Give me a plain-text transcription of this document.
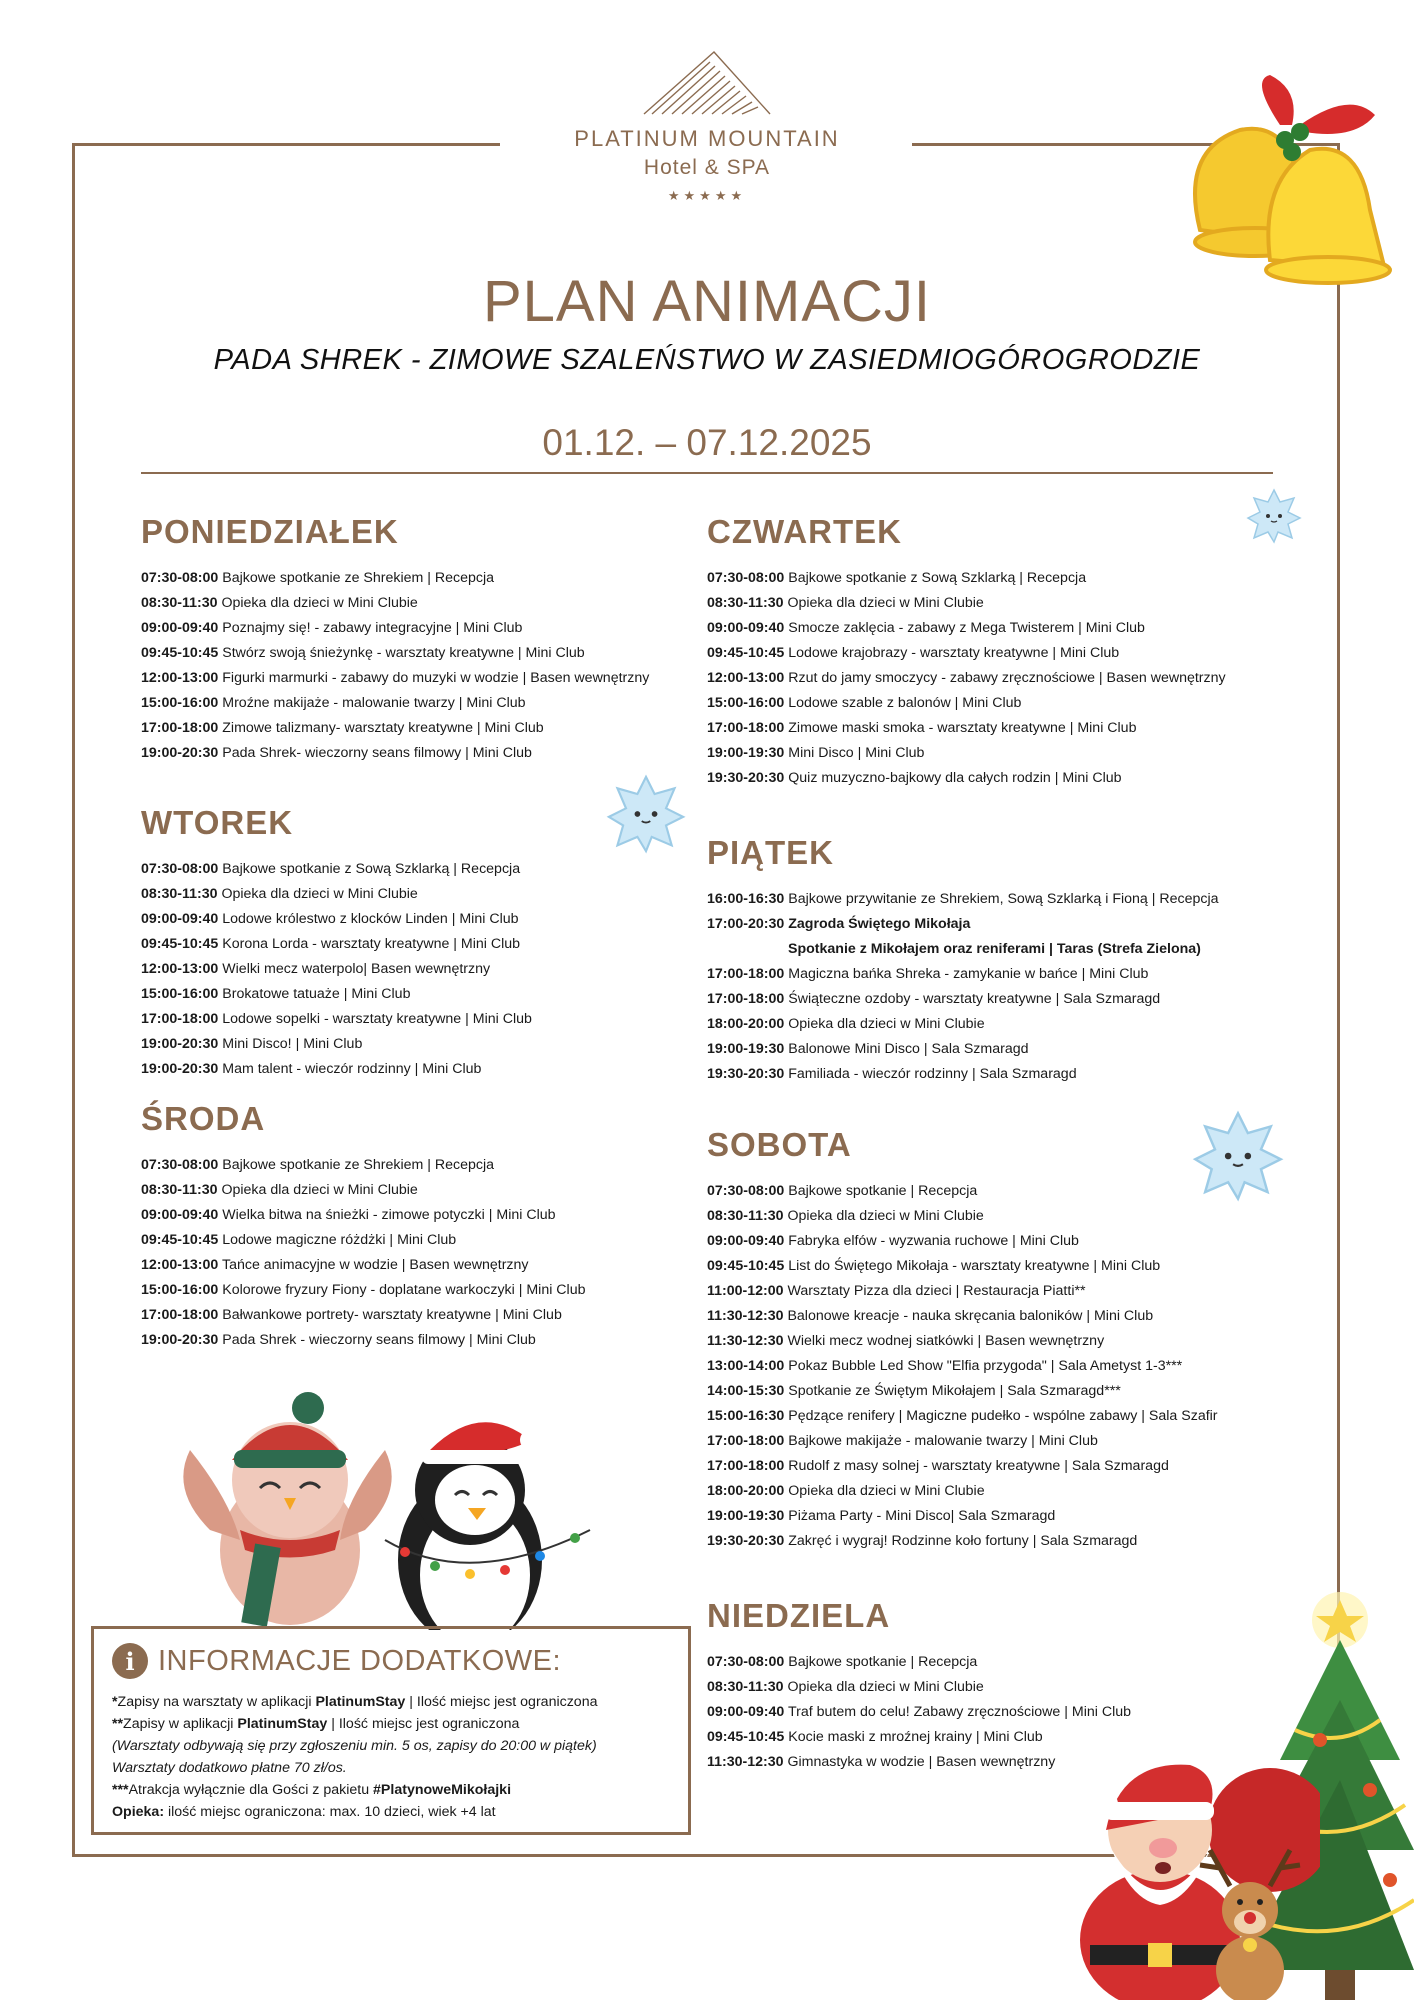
PLATINUM MOUNTAIN
Hotel & SPA
★★★★★
PLAN ANIMACJI
PADA SHREK - ZIMOWE SZALEŃSTWO W ZASIEDMIOGÓROGRODZIE
01.12. – 07.12.2025
PONIEDZIAŁEK
07:30-08:00 Bajkowe spotkanie ze Shrekiem | Recepcja
08:30-11:30 Opieka dla dzieci w Mini Clubie
09:00-09:40 Poznajmy się! - zabawy integracyjne | Mini Club
09:45-10:45 Stwórz swoją śnieżynkę - warsztaty kreatywne | Mini Club
12:00-13:00 Figurki marmurki - zabawy do muzyki w wodzie | Basen wewnętrzny
15:00-16:00 Mroźne makijaże - malowanie twarzy | Mini Club
17:00-18:00 Zimowe talizmany- warsztaty kreatywne | Mini Club
19:00-20:30 Pada Shrek- wieczorny seans filmowy | Mini Club
WTOREK
07:30-08:00 Bajkowe spotkanie z Sową Szklarką | Recepcja
08:30-11:30 Opieka dla dzieci w Mini Clubie
09:00-09:40 Lodowe królestwo z klocków Linden | Mini Club
09:45-10:45 Korona Lorda - warsztaty kreatywne | Mini Club
12:00-13:00 Wielki mecz waterpolo| Basen wewnętrzny
15:00-16:00 Brokatowe tatuaże | Mini Club
17:00-18:00 Lodowe sopelki - warsztaty kreatywne | Mini Club
19:00-20:30 Mini Disco! | Mini Club
19:00-20:30 Mam talent - wieczór rodzinny | Mini Club
ŚRODA
07:30-08:00 Bajkowe spotkanie ze Shrekiem | Recepcja
08:30-11:30 Opieka dla dzieci w Mini Clubie
09:00-09:40 Wielka bitwa na śnieżki - zimowe potyczki | Mini Club
09:45-10:45 Lodowe magiczne różdżki | Mini Club
12:00-13:00 Tańce animacyjne w wodzie | Basen wewnętrzny
15:00-16:00 Kolorowe fryzury Fiony - doplatane warkoczyki | Mini Club
17:00-18:00 Bałwankowe portrety- warsztaty kreatywne | Mini Club
19:00-20:30 Pada Shrek - wieczorny seans filmowy | Mini Club
CZWARTEK
07:30-08:00 Bajkowe spotkanie z Sową Szklarką | Recepcja
08:30-11:30 Opieka dla dzieci w Mini Clubie
09:00-09:40 Smocze zaklęcia - zabawy z Mega Twisterem | Mini Club
09:45-10:45 Lodowe krajobrazy - warsztaty kreatywne | Mini Club
12:00-13:00 Rzut do jamy smoczycy - zabawy zręcznościowe | Basen wewnętrzny
15:00-16:00 Lodowe szable z balonów | Mini Club
17:00-18:00 Zimowe maski smoka - warsztaty kreatywne | Mini Club
19:00-19:30 Mini Disco | Mini Club
19:30-20:30 Quiz muzyczno-bajkowy dla całych rodzin | Mini Club
PIĄTEK
16:00-16:30 Bajkowe przywitanie ze Shrekiem, Sową Szklarką i Fioną | Recepcja
17:00-20:30 Zagroda Świętego Mikołaja
Spotkanie z Mikołajem oraz reniferami | Taras (Strefa Zielona)
17:00-18:00 Magiczna bańka Shreka - zamykanie w bańce | Mini Club
17:00-18:00 Świąteczne ozdoby - warsztaty kreatywne | Sala Szmaragd
18:00-20:00 Opieka dla dzieci w Mini Clubie
19:00-19:30 Balonowe Mini Disco | Sala Szmaragd
19:30-20:30 Familiada - wieczór rodzinny | Sala Szmaragd
SOBOTA
07:30-08:00 Bajkowe spotkanie | Recepcja
08:30-11:30 Opieka dla dzieci w Mini Clubie
09:00-09:40 Fabryka elfów - wyzwania ruchowe | Mini Club
09:45-10:45 List do Świętego Mikołaja - warsztaty kreatywne | Mini Club
11:00-12:00 Warsztaty Pizza dla dzieci | Restauracja Piatti**
11:30-12:30 Balonowe kreacje - nauka skręcania baloników | Mini Club
11:30-12:30 Wielki mecz wodnej siatkówki | Basen wewnętrzny
13:00-14:00 Pokaz Bubble Led Show "Elfia przygoda" | Sala Ametyst 1-3***
14:00-15:30 Spotkanie ze Świętym Mikołajem | Sala Szmaragd***
15:00-16:30 Pędzące renifery | Magiczne pudełko - wspólne zabawy | Sala Szafir
17:00-18:00 Bajkowe makijaże - malowanie twarzy | Mini Club
17:00-18:00 Rudolf z masy solnej - warsztaty kreatywne | Sala Szmaragd
18:00-20:00 Opieka dla dzieci w Mini Clubie
19:00-19:30 Piżama Party - Mini Disco| Sala Szmaragd
19:30-20:30 Zakręć i wygraj! Rodzinne koło fortuny | Sala Szmaragd
NIEDZIELA
07:30-08:00 Bajkowe spotkanie | Recepcja
08:30-11:30 Opieka dla dzieci w Mini Clubie
09:00-09:40 Traf butem do celu! Zabawy zręcznościowe | Mini Club
09:45-10:45 Kocie maski z mroźnej krainy | Mini Club
11:30-12:30 Gimnastyka w wodzie | Basen wewnętrzny
i INFORMACJE DODATKOWE:
*Zapisy na warsztaty w aplikacji PlatinumStay | Ilość miejsc jest ograniczona
**Zapisy w aplikacji PlatinumStay | Ilość miejsc jest ograniczona
(Warsztaty odbywają się przy zgłoszeniu min. 5 os, zapisy do 20:00 w piątek)
Warsztaty dodatkowo płatne 70 zł/os.
***Atrakcja wyłącznie dla Gości z pakietu #PlatynoweMikołajki
Opieka: ilość miejsc ograniczona: max. 10 dzieci, wiek +4 lat
